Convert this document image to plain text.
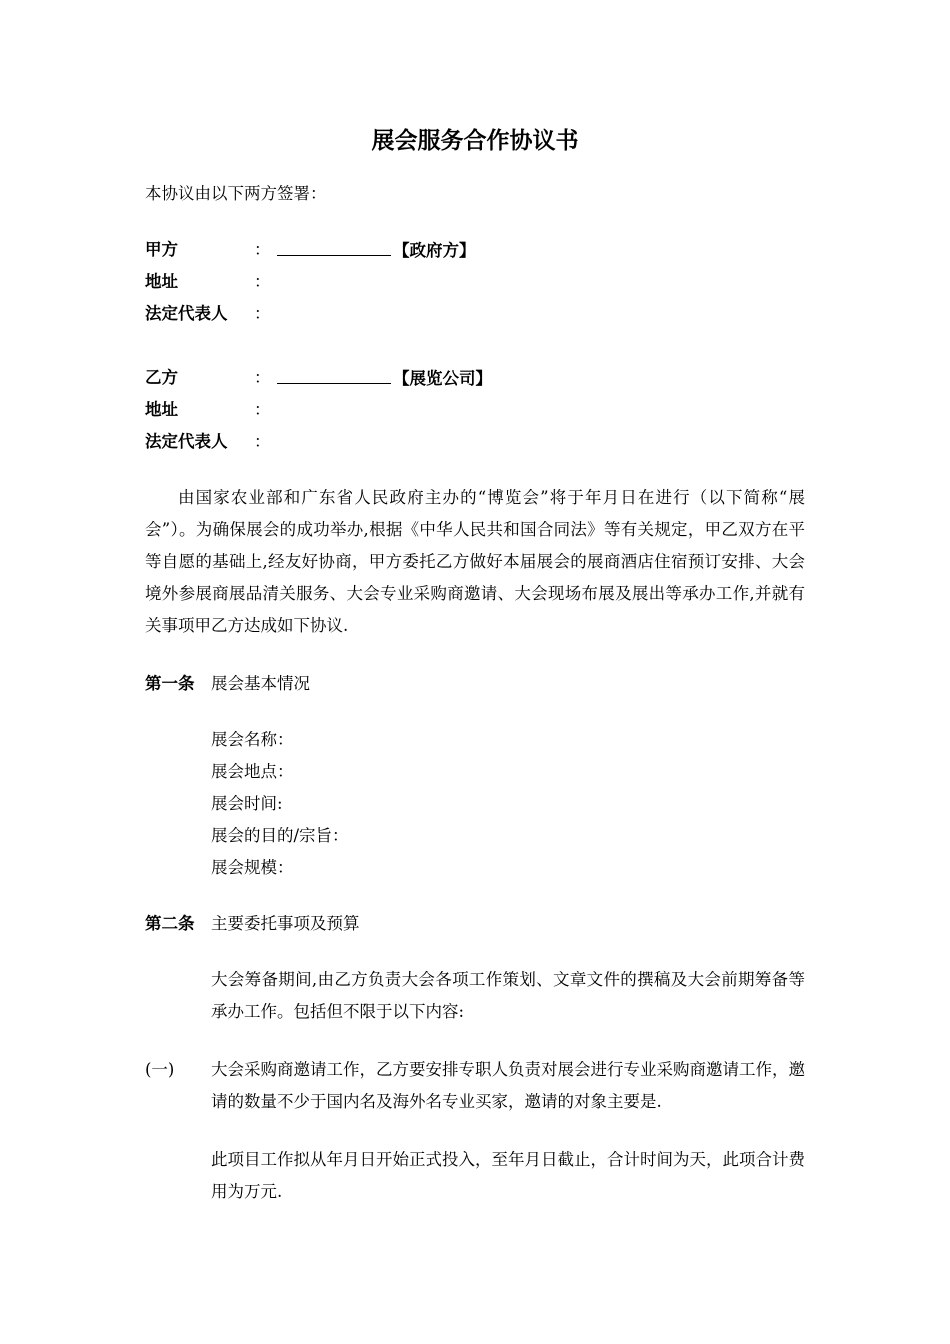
展会服务合作协议书
本协议由以下两方签署：
甲方	：	【政府方】
地址	：
法定代表人	：
乙方	：	【展览公司】
地址	：
法定代表人	：
由国家农业部和广东省人民政府主办的“博览会”将于年月日在进行（以下简称“展会”）。为确保展会的成功举办,根据《中华人民共和国合同法》等有关规定，甲乙双方在平等自愿的基础上,经友好协商，甲方委托乙方做好本届展会的展商酒店住宿预订安排、大会境外参展商展品清关服务、大会专业采购商邀请、大会现场布展及展出等承办工作,并就有关事项甲乙方达成如下协议.
第一条 展会基本情况
展会名称：
展会地点：
展会时间:
展会的目的/宗旨：
展会规模：
第二条 主要委托事项及预算
大会筹备期间,由乙方负责大会各项工作策划、文章文件的撰稿及大会前期筹备等承办工作。包括但不限于以下内容:
(一) 大会采购商邀请工作，乙方要安排专职人负责对展会进行专业采购商邀请工作，邀请的数量不少于国内名及海外名专业买家，邀请的对象主要是.
此项目工作拟从年月日开始正式投入，至年月日截止，合计时间为天，此项合计费用为万元.
